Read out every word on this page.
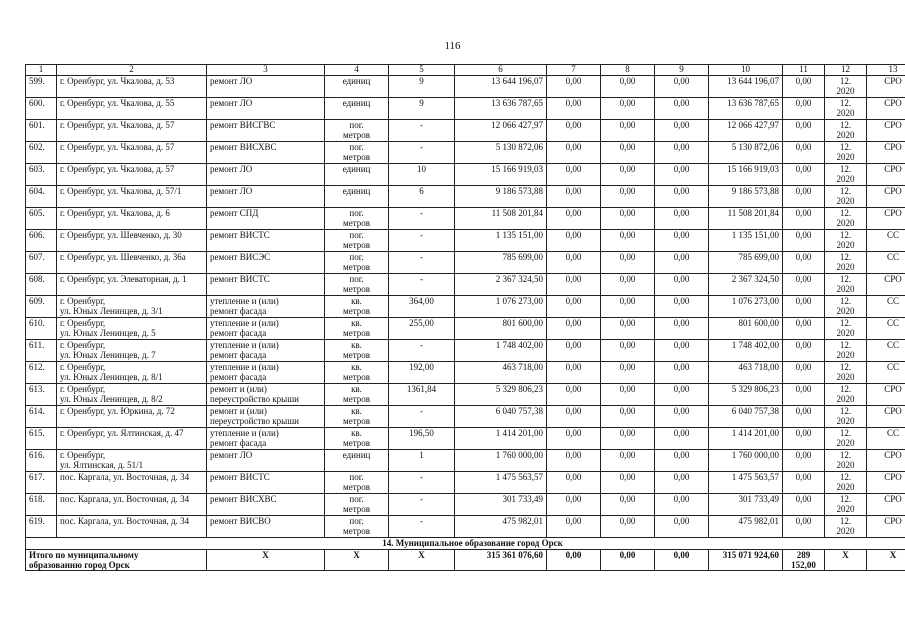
116
1	2	3	4	5	6	7	8	9	10	11	12	13
599.	г. Оренбург, ул. Чкалова, д. 53	ремонт ЛО	единиц	9	13 644 196,07	0,00	0,00	0,00	13 644 196,07	0,00	12.
2020	СРО
600.	г. Оренбург, ул. Чкалова, д. 55	ремонт ЛО	единиц	9	13 636 787,65	0,00	0,00	0,00	13 636 787,65	0,00	12.
2020	СРО
601.	г. Оренбург, ул. Чкалова, д. 57	ремонт ВИСГВС	пог.
метров	-	12 066 427,97	0,00	0,00	0,00	12 066 427,97	0,00	12.
2020	СРО
602.	г. Оренбург, ул. Чкалова, д. 57	ремонт ВИСХВС	пог.
метров	-	5 130 872,06	0,00	0,00	0,00	5 130 872,06	0,00	12.
2020	СРО
603.	г. Оренбург, ул. Чкалова, д. 57	ремонт ЛО	единиц	10	15 166 919,03	0,00	0,00	0,00	15 166 919,03	0,00	12.
2020	СРО
604.	г. Оренбург, ул. Чкалова, д. 57/1	ремонт ЛО	единиц	6	9 186 573,88	0,00	0,00	0,00	9 186 573,88	0,00	12.
2020	СРО
605.	г. Оренбург, ул. Чкалова, д. 6	ремонт СПД	пог.
метров	-	11 508 201,84	0,00	0,00	0,00	11 508 201,84	0,00	12.
2020	СРО
606.	г. Оренбург, ул. Шевченко, д. 30	ремонт ВИСТС	пог.
метров	-	1 135 151,00	0,00	0,00	0,00	1 135 151,00	0,00	12.
2020	СС
607.	г. Оренбург, ул. Шевченко, д. 36а	ремонт ВИСЭС	пог.
метров	-	785 699,00	0,00	0,00	0,00	785 699,00	0,00	12.
2020	СС
608.	г. Оренбург, ул. Элеваторная, д. 1	ремонт ВИСТС	пог.
метров	-	2 367 324,50	0,00	0,00	0,00	2 367 324,50	0,00	12.
2020	СРО
609.	г. Оренбург,
ул. Юных Ленинцев, д. 3/1	утепление и (или)
ремонт фасада	кв.
метров	364,00	1 076 273,00	0,00	0,00	0,00	1 076 273,00	0,00	12.
2020	СС
610.	г. Оренбург,
ул. Юных Ленинцев, д. 5	утепление и (или)
ремонт фасада	кв.
метров	255,00	801 600,00	0,00	0,00	0,00	801 600,00	0,00	12.
2020	СС
611.	г. Оренбург,
ул. Юных Ленинцев, д. 7	утепление и (или)
ремонт фасада	кв.
метров	-	1 748 402,00	0,00	0,00	0,00	1 748 402,00	0,00	12.
2020	СС
612.	г. Оренбург,
ул. Юных Ленинцев, д. 8/1	утепление и (или)
ремонт фасада	кв.
метров	192,00	463 718,00	0,00	0,00	0,00	463 718,00	0,00	12.
2020	СС
613.	г. Оренбург,
ул. Юных Ленинцев, д. 8/2	ремонт и (или)
переустройство крыши	кв.
метров	1361,84	5 329 806,23	0,00	0,00	0,00	5 329 806,23	0,00	12.
2020	СРО
614.	г. Оренбург, ул. Юркина, д. 72	ремонт и (или)
переустройство крыши	кв.
метров	-	6 040 757,38	0,00	0,00	0,00	6 040 757,38	0,00	12.
2020	СРО
615.	г. Оренбург, ул. Ялтинская, д. 47	утепление и (или)
ремонт фасада	кв.
метров	196,50	1 414 201,00	0,00	0,00	0,00	1 414 201,00	0,00	12.
2020	СС
616.	г. Оренбург,
ул. Ялтинская, д. 51/1	ремонт ЛО	единиц	1	1 760 000,00	0,00	0,00	0,00	1 760 000,00	0,00	12.
2020	СРО
617.	пос. Каргала, ул. Восточная, д. 34	ремонт ВИСТС	пог.
метров	-	1 475 563,57	0,00	0,00	0,00	1 475 563,57	0,00	12.
2020	СРО
618.	пос. Каргала, ул. Восточная, д. 34	ремонт ВИСХВС	пог.
метров	-	301 733,49	0,00	0,00	0,00	301 733,49	0,00	12.
2020	СРО
619.	пос. Каргала, ул. Восточная, д. 34	ремонт ВИСВО	пог.
метров	-	475 982,01	0,00	0,00	0,00	475 982,01	0,00	12.
2020	СРО
14. Муниципальное образование город Орск												
Итого по муниципальному
образованию город Орск		Х	Х	Х	315 361 076,60	0,00	0,00	0,00	315 071 924,60	289 152,00	Х	Х
